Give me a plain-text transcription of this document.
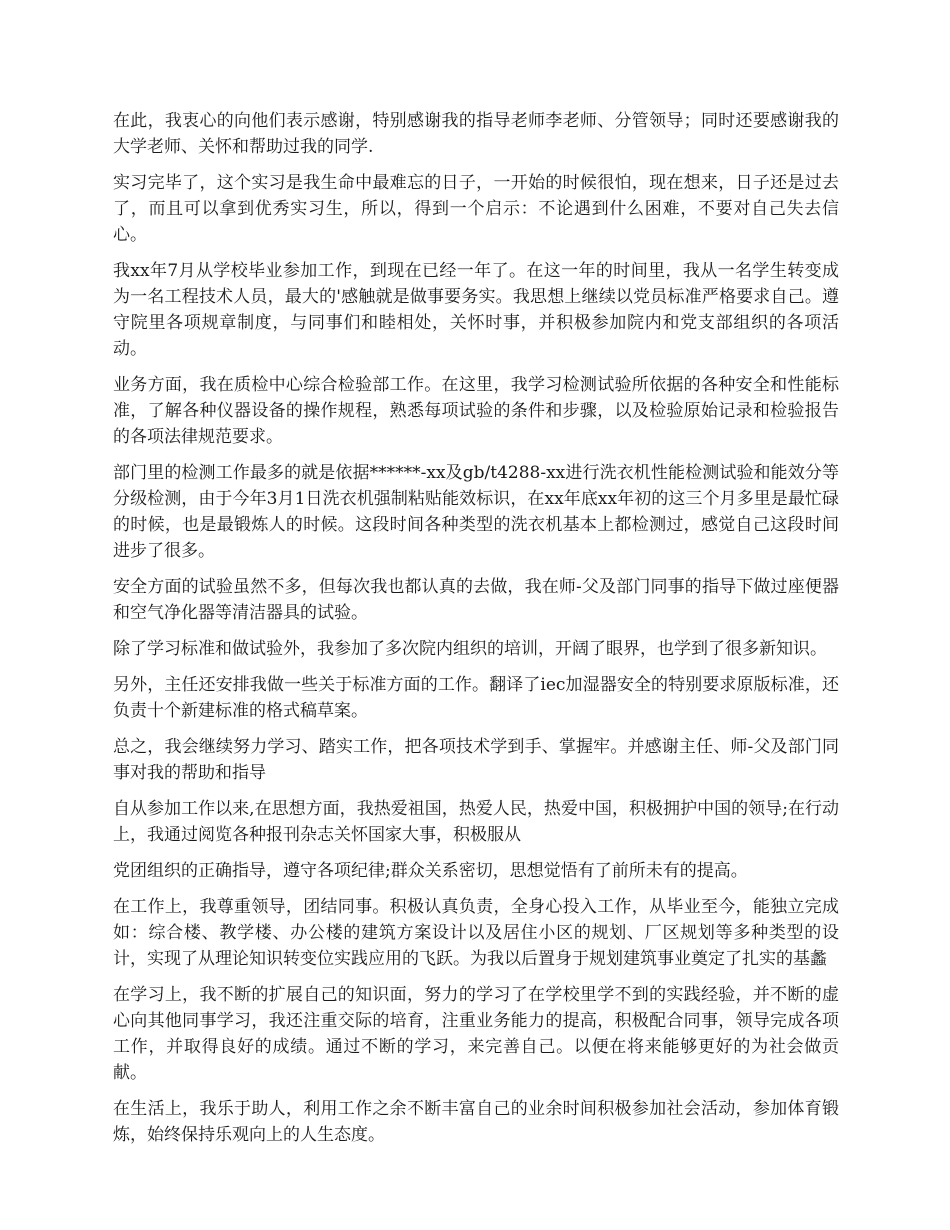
在此，我衷心的向他们表示感谢，特别感谢我的指导老师李老师、分管领导；同时还要感谢我的大学老师、关怀和帮助过我的同学.

实习完毕了，这个实习是我生命中最难忘的日子，一开始的时候很怕，现在想来，日子还是过去了，而且可以拿到优秀实习生，所以，得到一个启示：不论遇到什么困难，不要对自己失去信心。

我xx年7月从学校毕业参加工作，到现在已经一年了。在这一年的时间里，我从一名学生转变成为一名工程技术人员，最大的'感触就是做事要务实。我思想上继续以党员标准严格要求自己。遵守院里各项规章制度，与同事们和睦相处，关怀时事，并积极参加院内和党支部组织的各项活动。

业务方面，我在质检中心综合检验部工作。在这里，我学习检测试验所依据的各种安全和性能标准，了解各种仪器设备的操作规程，熟悉每项试验的条件和步骤，以及检验原始记录和检验报告的各项法律规范要求。

部门里的检测工作最多的就是依据******-xx及gb/t4288-xx进行洗衣机性能检测试验和能效分等分级检测，由于今年3月1日洗衣机强制粘贴能效标识，在xx年底xx年初的这三个月多里是最忙碌的时候，也是最锻炼人的时候。这段时间各种类型的洗衣机基本上都检测过，感觉自己这段时间进步了很多。

安全方面的试验虽然不多，但每次我也都认真的去做，我在师-父及部门同事的指导下做过座便器和空气净化器等清洁器具的试验。

除了学习标准和做试验外，我参加了多次院内组织的培训，开阔了眼界，也学到了很多新知识。

另外，主任还安排我做一些关于标准方面的工作。翻译了iec加湿器安全的特别要求原版标准，还负责十个新建标准的格式稿草案。

总之，我会继续努力学习、踏实工作，把各项技术学到手、掌握牢。并感谢主任、师-父及部门同事对我的帮助和指导

自从参加工作以来,在思想方面，我热爱祖国，热爱人民，热爱中国，积极拥护中国的领导;在行动上，我通过阅览各种报刊杂志关怀国家大事，积极服从

党团组织的正确指导，遵守各项纪律;群众关系密切，思想觉悟有了前所未有的提高。

在工作上，我尊重领导，团结同事。积极认真负责，全身心投入工作，从毕业至今，能独立完成如：综合楼、教学楼、办公楼的建筑方案设计以及居住小区的规划、厂区规划等多种类型的设计，实现了从理论知识转变位实践应用的飞跃。为我以后置身于规划建筑事业奠定了扎实的基蠡

在学习上，我不断的扩展自己的知识面，努力的学习了在学校里学不到的实践经验，并不断的虚心向其他同事学习，我还注重交际的培育，注重业务能力的提高，积极配合同事，领导完成各项工作，并取得良好的成绩。通过不断的学习，来完善自己。以便在将来能够更好的为社会做贡献。

在生活上，我乐于助人，利用工作之余不断丰富自己的业余时间积极参加社会活动，参加体育锻炼，始终保持乐观向上的人生态度。
